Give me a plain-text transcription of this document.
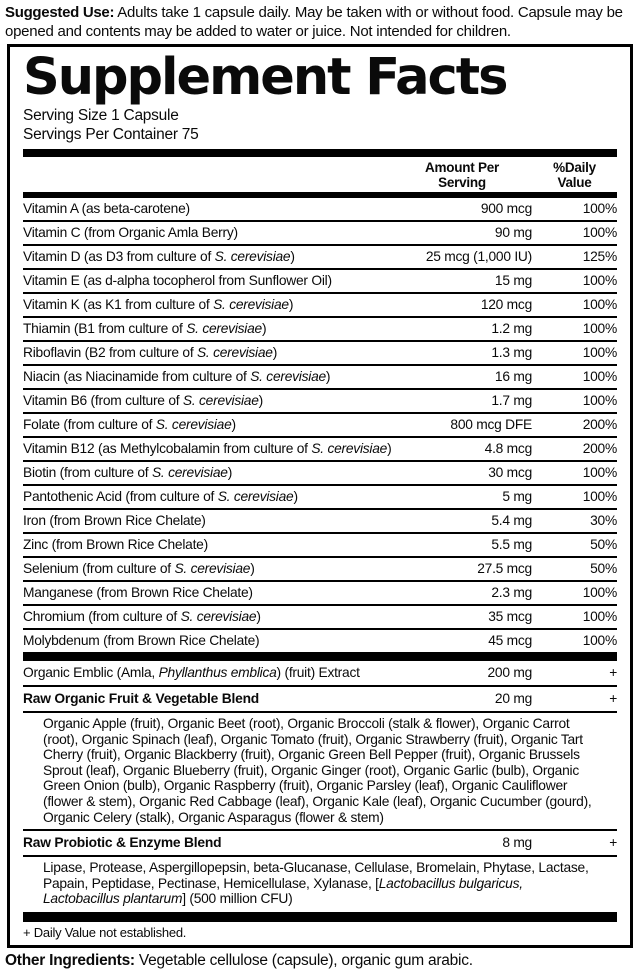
Suggested Use: Adults take 1 capsule daily. May be taken with or without food. Capsule may be opened and contents may be added to water or juice. Not intended for children.

Supplement Facts
Serving Size 1 Capsule
Servings Per Container 75
Amount Per
Serving
%Daily
Value
Vitamin A (as beta-carotene)	900 mcg	100%
Vitamin C (from Organic Amla Berry)	90 mg	100%
Vitamin D (as D3 from culture of S. cerevisiae)	25 mcg (1,000 IU)	125%
Vitamin E (as d-alpha tocopherol from Sunflower Oil)	15 mg	100%
Vitamin K (as K1 from culture of S. cerevisiae)	120 mcg	100%
Thiamin (B1 from culture of S. cerevisiae)	1.2 mg	100%
Riboflavin (B2 from culture of S. cerevisiae)	1.3 mg	100%
Niacin (as Niacinamide from culture of S. cerevisiae)	16 mg	100%
Vitamin B6 (from culture of S. cerevisiae)	1.7 mg	100%
Folate (from culture of S. cerevisiae)	800 mcg DFE	200%
Vitamin B12 (as Methylcobalamin from culture of S. cerevisiae)	4.8 mcg	200%
Biotin (from culture of S. cerevisiae)	30 mcg	100%
Pantothenic Acid (from culture of S. cerevisiae)	5 mg	100%
Iron (from Brown Rice Chelate)	5.4 mg	30%
Zinc (from Brown Rice Chelate)	5.5 mg	50%
Selenium (from culture of S. cerevisiae)	27.5 mcg	50%
Manganese (from Brown Rice Chelate)	2.3 mg	100%
Chromium (from culture of S. cerevisiae)	35 mcg	100%
Molybdenum (from Brown Rice Chelate)	45 mcg	100%
Organic Emblic (Amla, Phyllanthus emblica) (fruit) Extract	200 mg	+
Raw Organic Fruit & Vegetable Blend	20 mg	+
Organic Apple (fruit), Organic Beet (root), Organic Broccoli (stalk & flower), Organic Carrot (root), Organic Spinach (leaf), Organic Tomato (fruit), Organic Strawberry (fruit), Organic Tart Cherry (fruit), Organic Blackberry (fruit), Organic Green Bell Pepper (fruit), Organic Brussels Sprout (leaf), Organic Blueberry (fruit), Organic Ginger (root), Organic Garlic (bulb), Organic Green Onion (bulb), Organic Raspberry (fruit), Organic Parsley (leaf), Organic Cauliflower (flower & stem), Organic Red Cabbage (leaf), Organic Kale (leaf), Organic Cucumber (gourd), Organic Celery (stalk), Organic Asparagus (flower & stem)
Raw Probiotic & Enzyme Blend	8 mg	+
Lipase, Protease, Aspergillopepsin, beta-Glucanase, Cellulase, Bromelain, Phytase, Lactase, Papain, Peptidase, Pectinase, Hemicellulase, Xylanase, [Lactobacillus bulgaricus, Lactobacillus plantarum] (500 million CFU)
+ Daily Value not established.

Other Ingredients: Vegetable cellulose (capsule), organic gum arabic.
